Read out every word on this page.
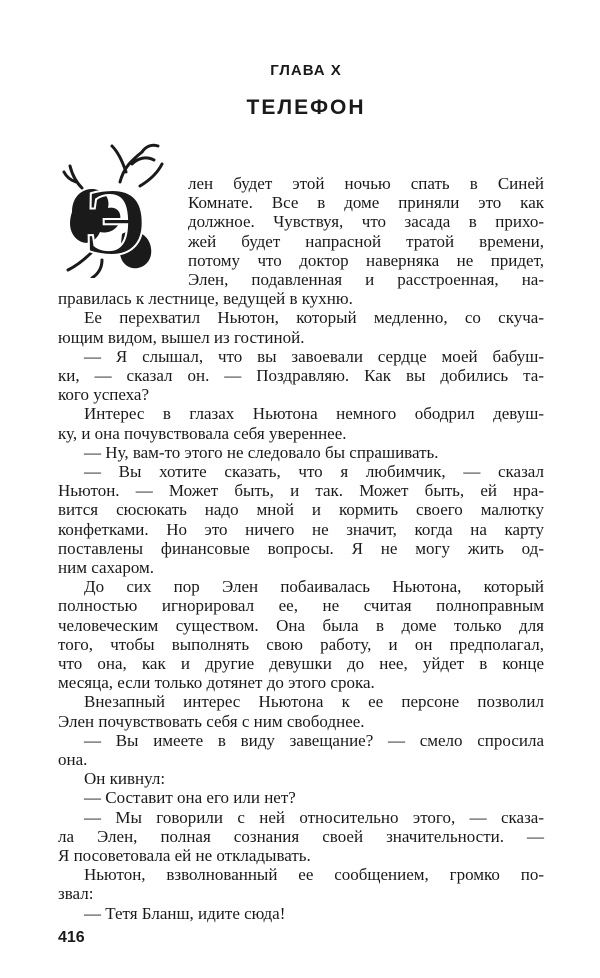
ГЛАВА X
ТЕЛЕФОН
Э лен будет этой ночью спать в Синей
Комнате. Все в доме приняли это как
должное. Чувствуя, что засада в прихо-
жей будет напрасной тратой времени,
потому что доктор наверняка не придет,
Элен, подавленная и расстроенная, на-
правилась к лестнице, ведущей в кухню.
Ее перехватил Ньютон, который медленно, со скуча-
ющим видом, вышел из гостиной.
— Я слышал, что вы завоевали сердце моей бабуш-
ки, — сказал он. — Поздравляю. Как вы добились та-
кого успеха?
Интерес в глазах Ньютона немного ободрил девуш-
ку, и она почувствовала себя увереннее.
— Ну, вам-то этого не следовало бы спрашивать.
— Вы хотите сказать, что я любимчик, — сказал
Ньютон. — Может быть, и так. Может быть, ей нра-
вится сюсюкать надо мной и кормить своего малютку
конфетками. Но это ничего не значит, когда на карту
поставлены финансовые вопросы. Я не могу жить од-
ним сахаром.
До сих пор Элен побаивалась Ньютона, который
полностью игнорировал ее, не считая полноправным
человеческим существом. Она была в доме только для
того, чтобы выполнять свою работу, и он предполагал,
что она, как и другие девушки до нее, уйдет в конце
месяца, если только дотянет до этого срока.
Внезапный интерес Ньютона к ее персоне позволил
Элен почувствовать себя с ним свободнее.
— Вы имеете в виду завещание? — смело спросила
она.
Он кивнул:
— Составит она его или нет?
— Мы говорили с ней относительно этого, — сказа-
ла Элен, полная сознания своей значительности. —
Я посоветовала ей не откладывать.
Ньютон, взволнованный ее сообщением, громко по-
звал:
— Тетя Бланш, идите сюда!
416
